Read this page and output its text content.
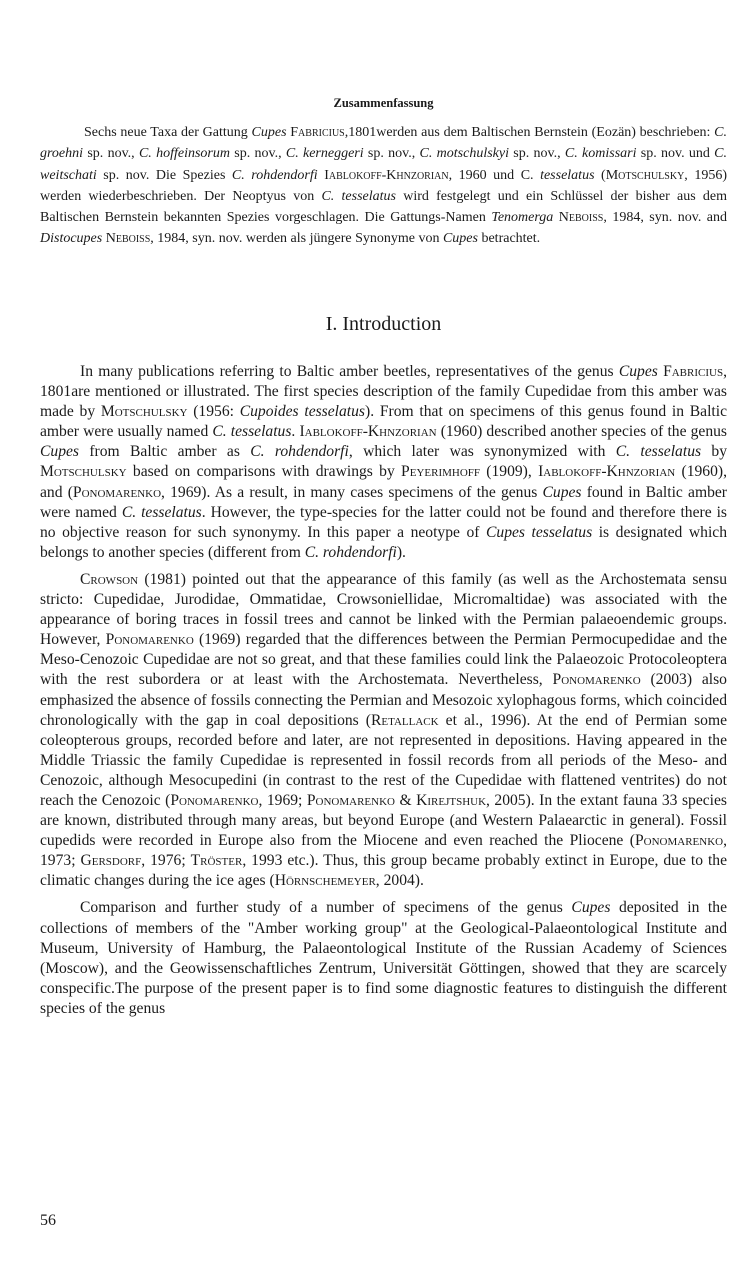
Zusammenfassung

Sechs neue Taxa der Gattung Cupes Fabricius,1801werden aus dem Baltischen Bernstein (Eozän) beschrieben: C. groehni sp. nov., C. hoffeinsorum sp. nov., C. kerneggeri sp. nov., C. motschulskyi sp. nov., C. komissari sp. nov. und C. weitschati sp. nov. Die Spezies C. rohdendorfi Iablokoff-Khnzorian, 1960 und C. tesselatus (Motschulsky, 1956) werden wiederbeschrieben. Der Neoptyus von C. tesselatus wird festgelegt und ein Schlüssel der bisher aus dem Baltischen Bernstein bekannten Spezies vorgeschlagen. Die Gattungs-Namen Tenomerga Neboiss, 1984, syn. nov. and Distocupes Neboiss, 1984, syn. nov. werden als jüngere Synonyme von Cupes betrachtet.

I. Introduction

In many publications referring to Baltic amber beetles, representatives of the genus Cupes Fabricius, 1801are mentioned or illustrated. The first species description of the family Cupedidae from this amber was made by Motschulsky (1956: Cupoides tesselatus). From that on specimens of this genus found in Baltic amber were usually named C. tesselatus. Iablokoff-Khnzorian (1960) described another species of the genus Cupes from Baltic amber as C. rohdendorfi, which later was synonymized with C. tesselatus by Motschulsky based on comparisons with drawings by Peyerimhoff (1909), Iablokoff-Khnzorian (1960), and (Ponomarenko, 1969). As a result, in many cases specimens of the genus Cupes found in Baltic amber were named C. tesselatus. However, the type-species for the latter could not be found and therefore there is no objective reason for such synonymy. In this paper a neotype of Cupes tesselatus is designated which belongs to another species (different from C. rohdendorfi).

Crowson (1981) pointed out that the appearance of this family (as well as the Archostemata sensu stricto: Cupedidae, Jurodidae, Ommatidae, Crowsoniellidae, Micromaltidae) was associated with the appearance of boring traces in fossil trees and cannot be linked with the Permian palaeoendemic groups. However, Ponomarenko (1969) regarded that the differences between the Permian Permocupedidae and the Meso-Cenozoic Cupedidae are not so great, and that these families could link the Palaeozoic Protocoleoptera with the rest subordera or at least with the Archostemata. Nevertheless, Ponomarenko (2003) also emphasized the absence of fossils connecting the Permian and Mesozoic xylophagous forms, which coincided chronologically with the gap in coal depositions (Retallack et al., 1996). At the end of Permian some coleopterous groups, recorded before and later, are not represented in depositions. Having appeared in the Middle Triassic the family Cupedidae is represented in fossil records from all periods of the Meso- and Cenozoic, although Mesocupedini (in contrast to the rest of the Cupedidae with flattened ventrites) do not reach the Cenozoic (Ponomarenko, 1969; Ponomarenko & Kirejtshuk, 2005). In the extant fauna 33 species are known, distributed through many areas, but beyond Europe (and Western Palaearctic in general). Fossil cupedids were recorded in Europe also from the Miocene and even reached the Pliocene (Ponomarenko, 1973; Gersdorf, 1976; Tröster, 1993 etc.). Thus, this group became probably extinct in Europe, due to the climatic changes during the ice ages (Hörnschemeyer, 2004).

Comparison and further study of a number of specimens of the genus Cupes deposited in the collections of members of the "Amber working group" at the Geological-Palaeontological Institute and Museum, University of Hamburg, the Palaeontological Institute of the Russian Academy of Sciences (Moscow), and the Geowissenschaftliches Zentrum, Universität Göttingen, showed that they are scarcely conspecific.The purpose of the present paper is to find some diagnostic features to distinguish the different species of the genus

56
